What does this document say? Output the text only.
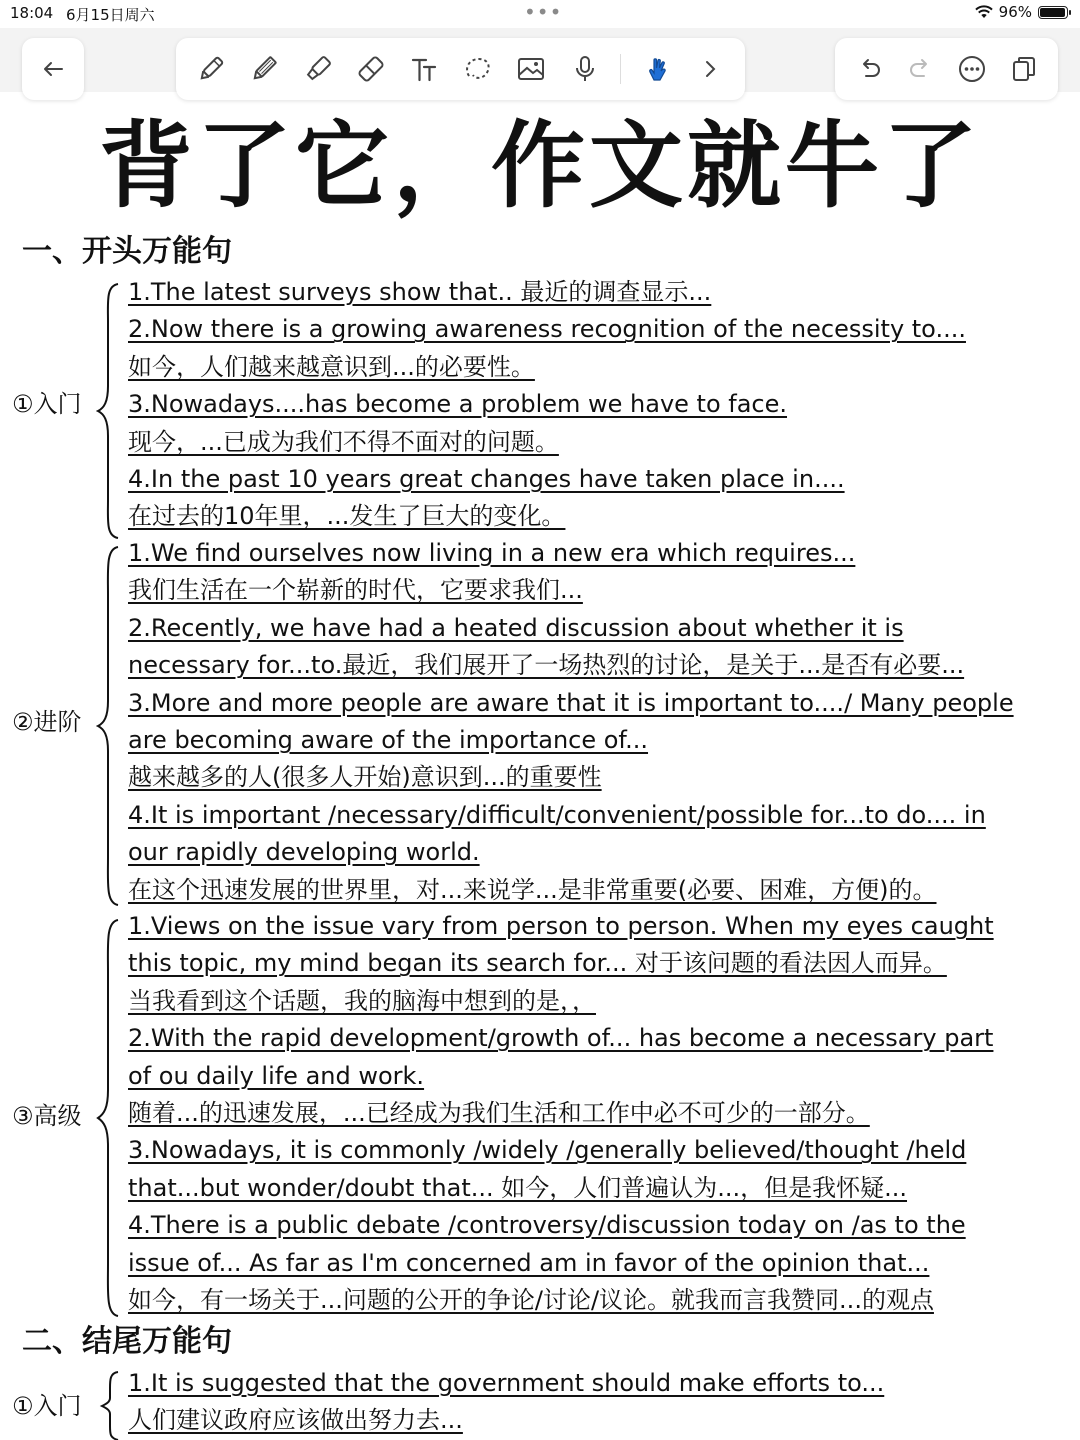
18:04 6月15日周六	•••	96%
背了它，作文就牛了
一、开头万能句
①入门
1.The latest surveys show that.. 最近的调查显示...
2.Now there is a growing awareness recognition of the necessity to....
如今，人们越来越意识到...的必要性。
3.Nowadays....has become a problem we have to face.
现今，...已成为我们不得不面对的问题。
4.In the past 10 years great changes have taken place in....
在过去的10年里，...发生了巨大的变化。
②进阶
1.We find ourselves now living in a new era which requires...
我们生活在一个崭新的时代，它要求我们...
2.Recently, we have had a heated discussion about whether it is
necessary for...to.最近，我们展开了一场热烈的讨论，是关于...是否有必要...
3.More and more people are aware that it is important to..../ Many people
are becoming aware of the importance of...
越来越多的人(很多人开始)意识到...的重要性
4.It is important /necessary/difficult/convenient/possible for...to do.... in
our rapidly developing world.
在这个迅速发展的世界里，对...来说学...是非常重要(必要、困难，方便)的。
③高级
1.Views on the issue vary from person to person. When my eyes caught
this topic, my mind began its search for... 对于该问题的看法因人而异。
当我看到这个话题，我的脑海中想到的是，，
2.With the rapid development/growth of... has become a necessary part
of ou daily life and work.
随着...的迅速发展，...已经成为我们生活和工作中必不可少的一部分。
3.Nowadays, it is commonly /widely /generally believed/thought /held
that...but wonder/doubt that... 如今，人们普遍认为...，但是我怀疑...
4.There is a public debate /controversy/discussion today on /as to the
issue of... As far as I'm concerned am in favor of the opinion that...
如今，有一场关于...问题的公开的争论/讨论/议论。就我而言我赞同...的观点
二、结尾万能句
①入门
1.It is suggested that the government should make efforts to...
人们建议政府应该做出努力去...
